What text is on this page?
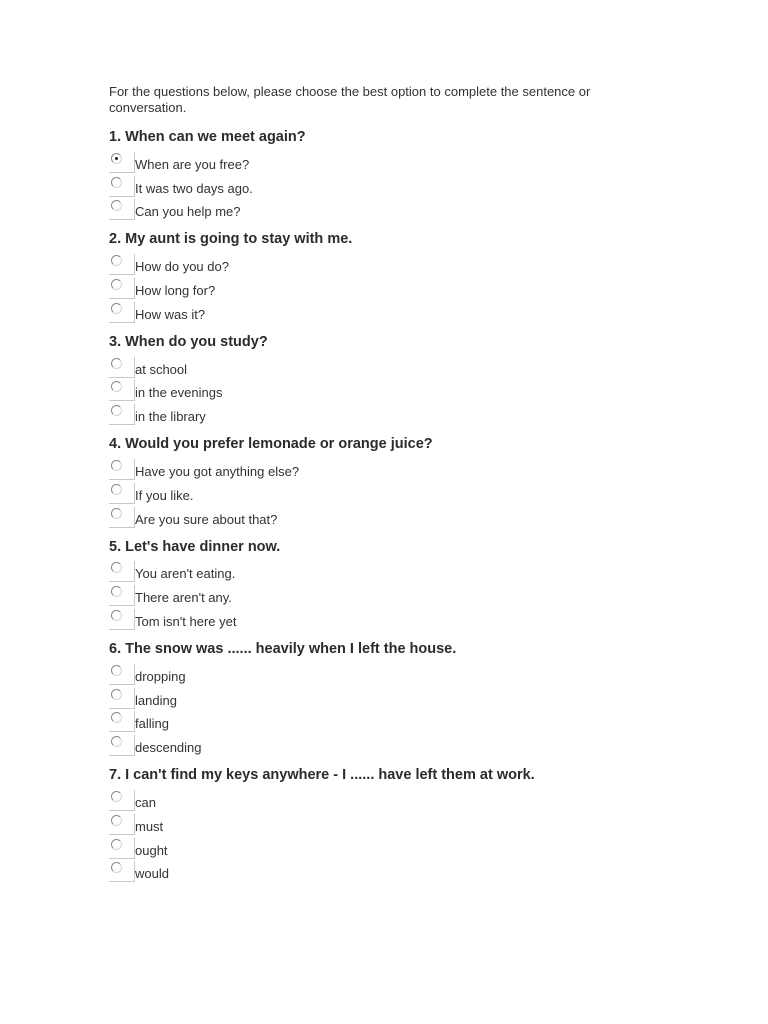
For the questions below, please choose the best option to complete the sentence or conversation.

1. When can we meet again?
When are you free?
It was two days ago.
Can you help me?
2. My aunt is going to stay with me.
How do you do?
How long for?
How was it?
3. When do you study?
at school
in the evenings
in the library
4. Would you prefer lemonade or orange juice?
Have you got anything else?
If you like.
Are you sure about that?
5. Let's have dinner now.
You aren't eating.
There aren't any.
Tom isn't here yet
6. The snow was ...... heavily when I left the house.
dropping
landing
falling
descending
7. I can't find my keys anywhere - I ...... have left them at work.
can
must
ought
would
